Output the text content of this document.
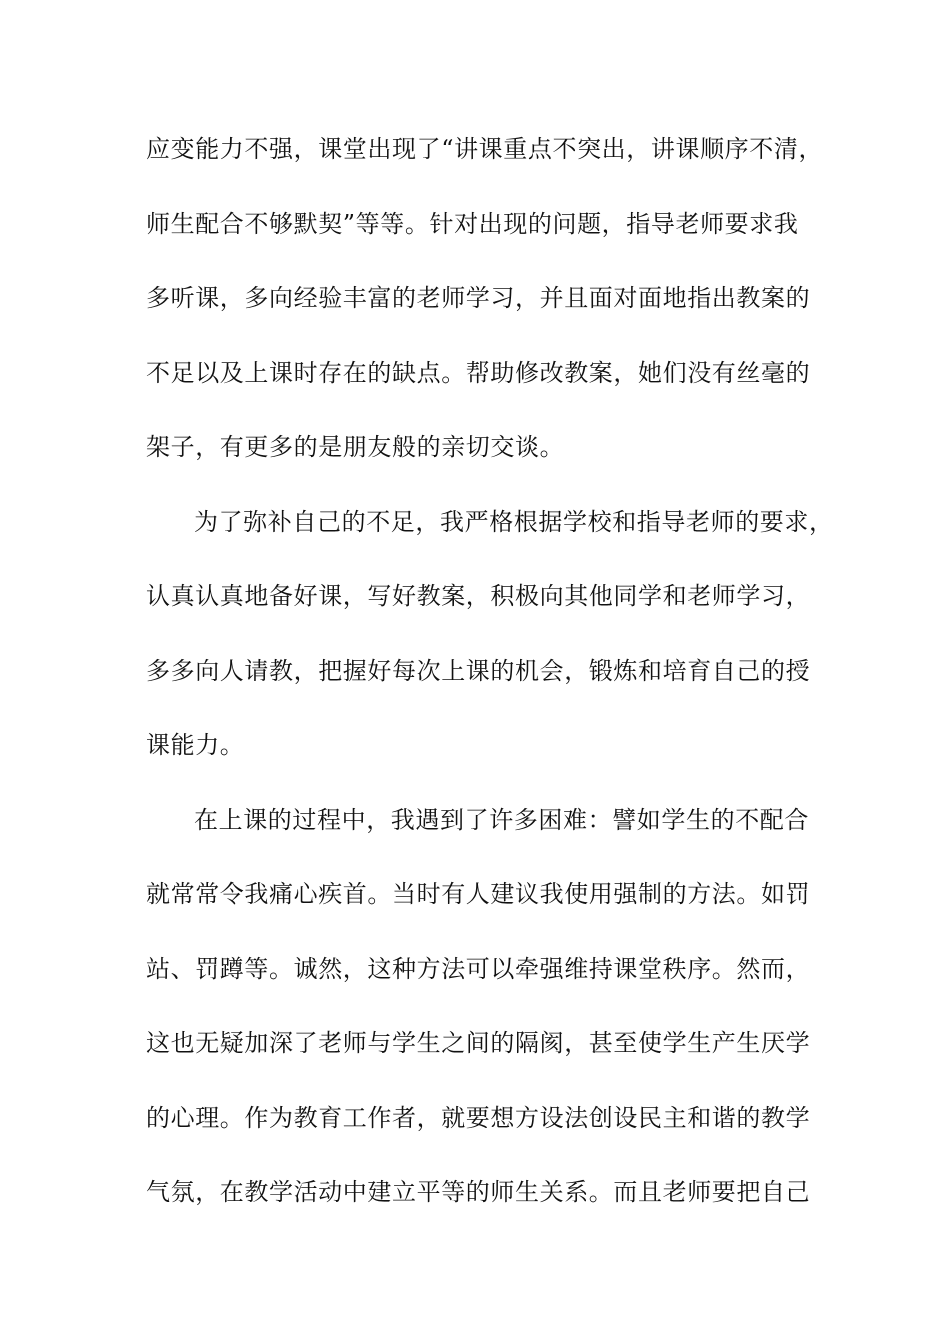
应变能力不强，课堂出现了“讲课重点不突出，讲课顺序不清，
师生配合不够默契”等等。针对出现的问题，指导老师要求我
多听课，多向经验丰富的老师学习，并且面对面地指出教案的
不足以及上课时存在的缺点。帮助修改教案，她们没有丝毫的
架子，有更多的是朋友般的亲切交谈。
为了弥补自己的不足，我严格根据学校和指导老师的要求，
认真认真地备好课，写好教案，积极向其他同学和老师学习，
多多向人请教，把握好每次上课的机会，锻炼和培育自己的授
课能力。
在上课的过程中，我遇到了许多困难：譬如学生的不配合
就常常令我痛心疾首。当时有人建议我使用强制的方法。如罚
站、罚蹲等。诚然，这种方法可以牵强维持课堂秩序。然而，
这也无疑加深了老师与学生之间的隔阂，甚至使学生产生厌学
的心理。作为教育工作者，就要想方设法创设民主和谐的教学
气氛，在教学活动中建立平等的师生关系。而且老师要把自己
